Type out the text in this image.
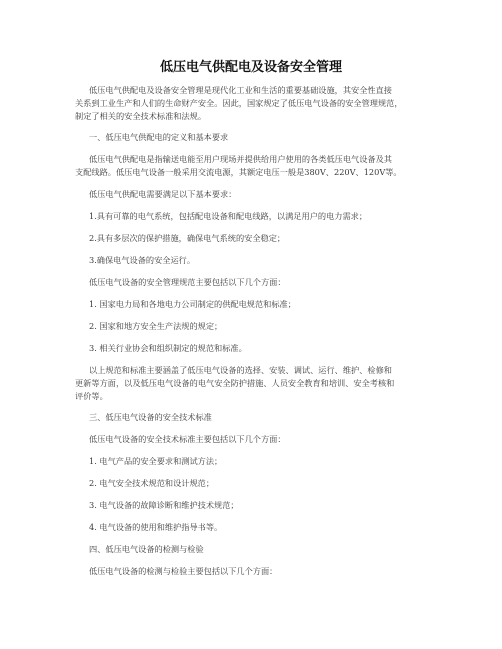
低压电气供配电及设备安全管理

低压电气供配电及设备安全管理是现代化工业和生活的重要基础设施，其安全性直接

关系到工业生产和人们的生命财产安全。因此，国家规定了低压电气设备的安全管理规范，
制定了相关的安全技术标准和法规。

一、低压电气供配电的定义和基本要求

低压电气供配电是指输送电能至用户现场并提供给用户使用的各类低压电气设备及其

支配线路。低压电气设备一般采用交流电源，其额定电压一般是380V、220V、120V等。

低压电气供配电需要满足以下基本要求：

1.具有可靠的电气系统，包括配电设备和配电线路，以满足用户的电力需求；

2.具有多层次的保护措施，确保电气系统的安全稳定；

3.确保电气设备的安全运行。

低压电气设备的安全管理规范主要包括以下几个方面：

1. 国家电力局和各地电力公司制定的供配电规范和标准；

2. 国家和地方安全生产法规的规定；

3. 相关行业协会和组织制定的规范和标准。

以上规范和标准主要涵盖了低压电气设备的选择、安装、调试、运行、维护、检修和

更新等方面，以及低压电气设备的电气安全防护措施、人员安全教育和培训、安全考核和
评价等。

三、低压电气设备的安全技术标准

低压电气设备的安全技术标准主要包括以下几个方面：

1. 电气产品的安全要求和测试方法；

2. 电气安全技术规范和设计规范；

3. 电气设备的故障诊断和维护技术规范；

4. 电气设备的使用和维护指导书等。

四、低压电气设备的检测与检验

低压电气设备的检测与检验主要包括以下几个方面：
